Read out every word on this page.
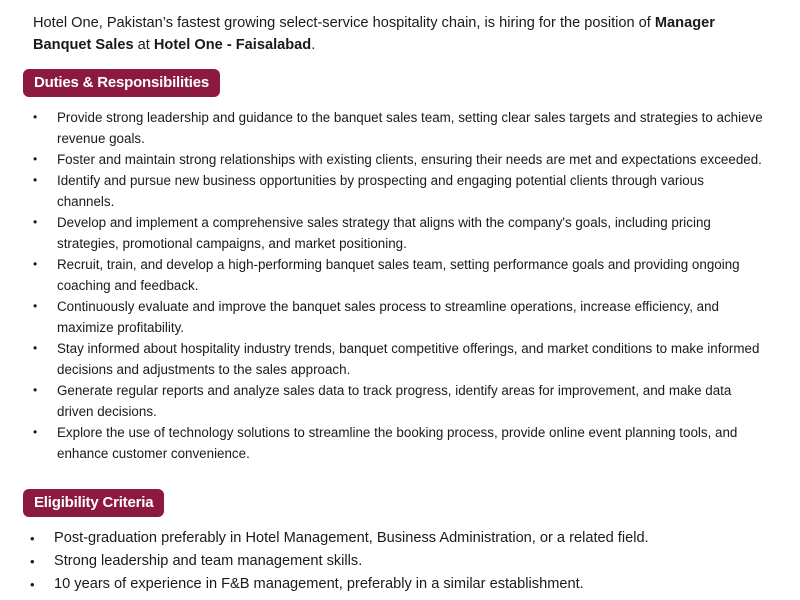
Hotel One, Pakistan’s fastest growing select-service hospitality chain, is hiring for the position of Manager Banquet Sales at Hotel One - Faisalabad.
Duties & Responsibilities
• Provide strong leadership and guidance to the banquet sales team, setting clear sales targets and strategies to achieve revenue goals.
• Foster and maintain strong relationships with existing clients, ensuring their needs are met and expectations exceeded.
• Identify and pursue new business opportunities by prospecting and engaging potential clients through various channels.
• Develop and implement a comprehensive sales strategy that aligns with the company's goals, including pricing strategies, promotional campaigns, and market positioning.
• Recruit, train, and develop a high-performing banquet sales team, setting performance goals and providing ongoing coaching and feedback.
• Continuously evaluate and improve the banquet sales process to streamline operations, increase efficiency, and maximize profitability.
• Stay informed about hospitality industry trends, banquet competitive offerings, and market conditions to make informed decisions and adjustments to the sales approach.
• Generate regular reports and analyze sales data to track progress, identify areas for improvement, and make data driven decisions.
• Explore the use of technology solutions to streamline the booking process, provide online event planning tools, and enhance customer convenience.
Eligibility Criteria
• Post-graduation preferably in Hotel Management, Business Administration, or a related field.
• Strong leadership and team management skills.
• 10 years of experience in F&B management, preferably in a similar establishment.
